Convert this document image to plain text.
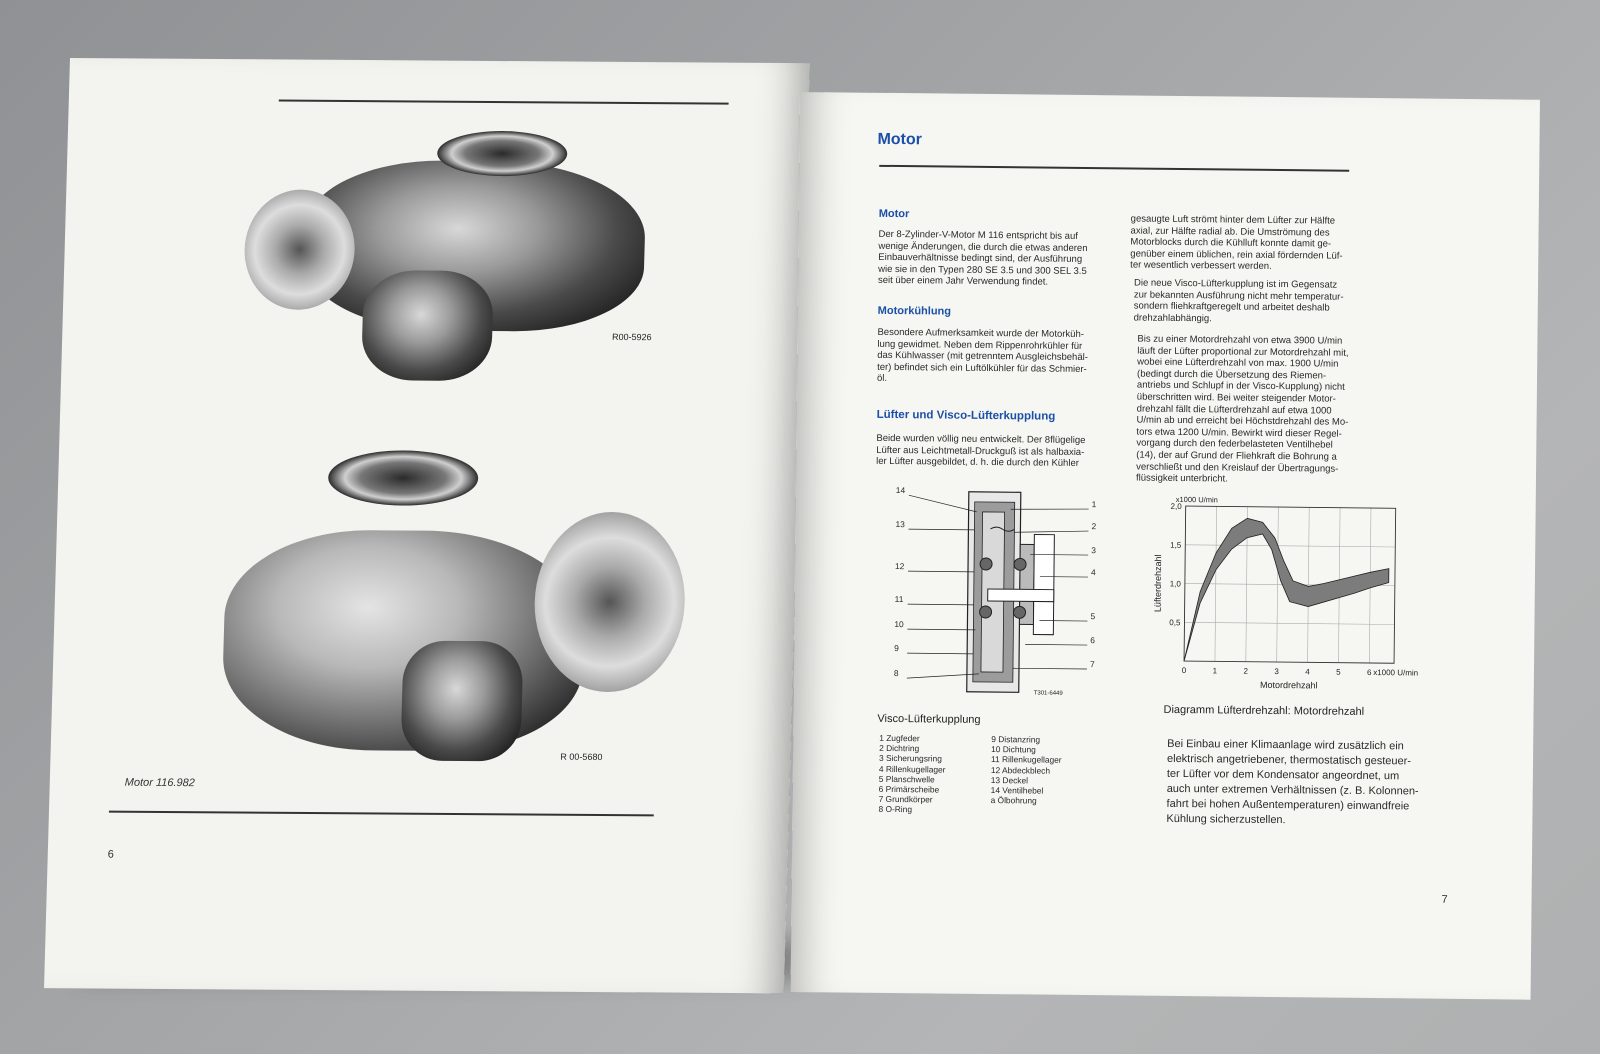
R00-5926
R 00-5680
Motor 116.982
6
Motor
Motor
Der 8-Zylinder-V-Motor M 116 entspricht bis auf
wenige Änderungen, die durch die etwas anderen
Einbauverhältnisse bedingt sind, der Ausführung
wie sie in den Typen 280 SE 3.5 und 300 SEL 3.5
seit über einem Jahr Verwendung findet.
Motorkühlung
Besondere Aufmerksamkeit wurde der Motorküh-
lung gewidmet. Neben dem Rippenrohrkühler für
das Kühlwasser (mit getrenntem Ausgleichsbehäl-
ter) befindet sich ein Luftölkühler für das Schmier-
öl.
Lüfter und Visco-Lüfterkupplung
Beide wurden völlig neu entwickelt. Der 8flügelige
Lüfter aus Leichtmetall-Druckguß ist als halbaxia-
ler Lüfter ausgebildet, d. h. die durch den Kühler
14
13
12
11
10
9
8
1
2
3
4
5
6
7
T301-6449
Visco-Lüfterkupplung
1 Zugfeder
2 Dichtring
3 Sicherungsring
4 Rillenkugellager
5 Planschwelle
6 Primärscheibe
7 Grundkörper
8 O-Ring
9 Distanzring
10 Dichtung
11 Rillenkugellager
12 Abdeckblech
13 Deckel
14 Ventilhebel
a Ölbohrung
gesaugte Luft strömt hinter dem Lüfter zur Hälfte
axial, zur Hälfte radial ab. Die Umströmung des
Motorblocks durch die Kühlluft konnte damit ge-
genüber einem üblichen, rein axial fördernden Lüf-
ter wesentlich verbessert werden.
Die neue Visco-Lüfterkupplung ist im Gegensatz
zur bekannten Ausführung nicht mehr temperatur-
sondern fliehkraftgeregelt und arbeitet deshalb
drehzahlabhängig.
Bis zu einer Motordrehzahl von etwa 3900 U/min
läuft der Lüfter proportional zur Motordrehzahl mit,
wobei eine Lüfterdrehzahl von max. 1900 U/min
(bedingt durch die Übersetzung des Riemen-
antriebs und Schlupf in der Visco-Kupplung) nicht
überschritten wird. Bei weiter steigender Motor-
drehzahl fällt die Lüfterdrehzahl auf etwa 1000
U/min ab und erreicht bei Höchstdrehzahl des Mo-
tors etwa 1200 U/min. Bewirkt wird dieser Regel-
vorgang durch den federbelasteten Ventilhebel
(14), der auf Grund der Fliehkraft die Bohrung a
verschließt und den Kreislauf der Übertragungs-
flüssigkeit unterbricht.
0	1	2	3	4	5	6 x1000 U/min
0,5
1,0
1,5
2,0
x1000 U/min
Motordrehzahl
Lüfterdrehzahl
Diagramm Lüfterdrehzahl: Motordrehzahl
Bei Einbau einer Klimaanlage wird zusätzlich ein
elektrisch angetriebener, thermostatisch gesteuer-
ter Lüfter vor dem Kondensator angeordnet, um
auch unter extremen Verhältnissen (z. B. Kolonnen-
fahrt bei hohen Außentemperaturen) einwandfreie
Kühlung sicherzustellen.
7
